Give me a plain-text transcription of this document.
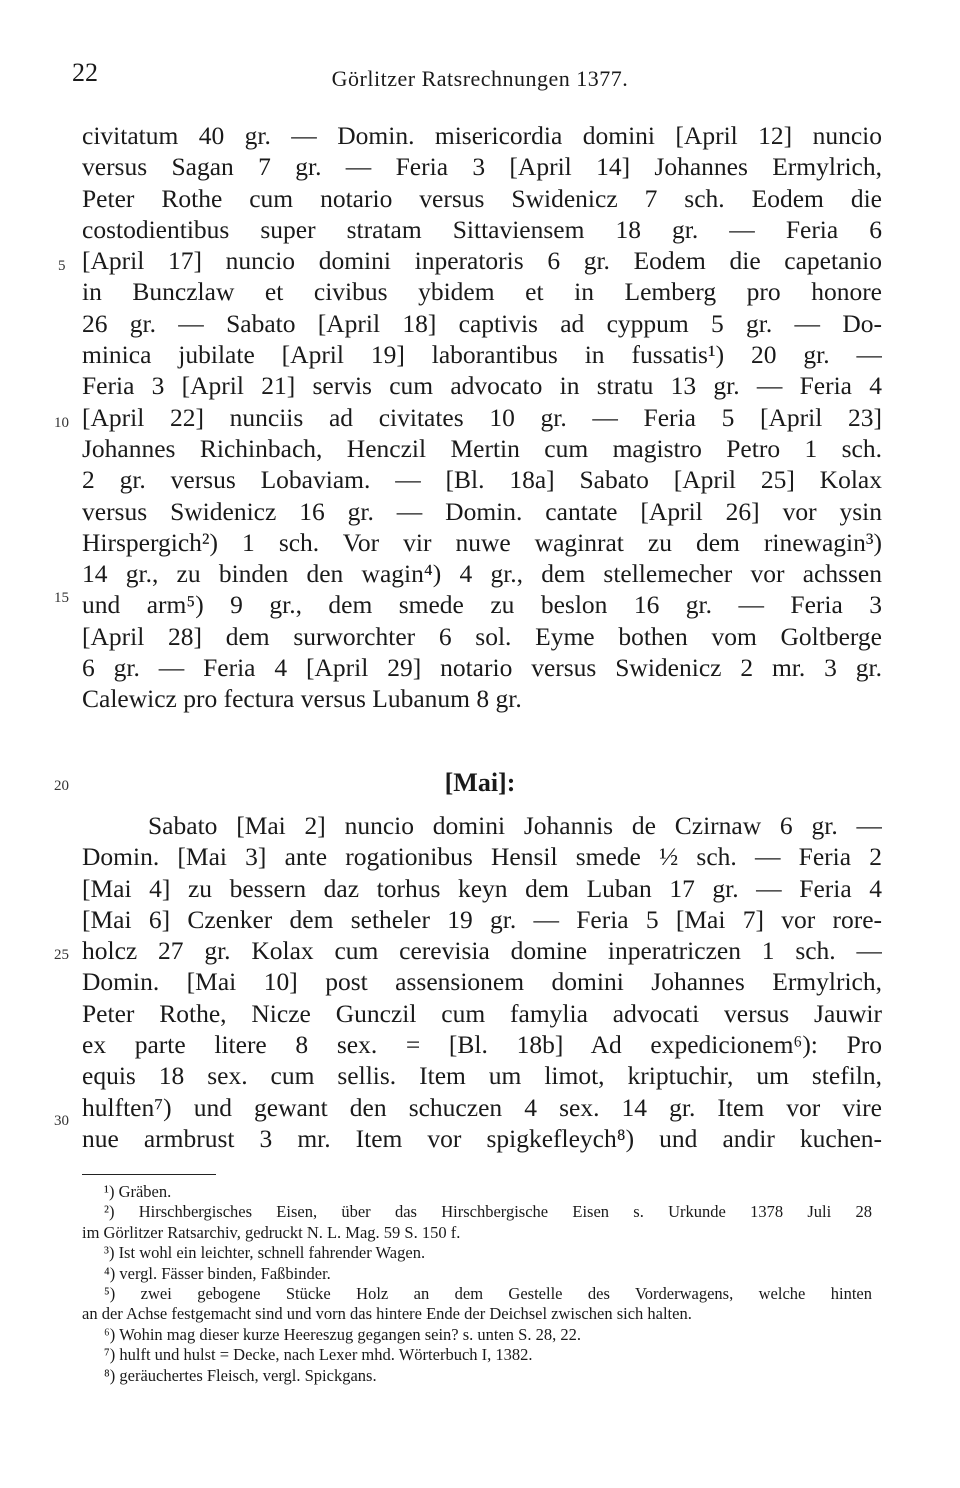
22	Görlitzer Ratsrechnungen 1377.
5
10
15
20
25
30
civitatum 40 gr. — Domin. misericordia domini [April 12] nuncio
versus Sagan 7 gr. — Feria 3 [April 14] Johannes Ermylrich,
Peter Rothe cum notario versus Swidenicz 7 sch. Eodem die
costodientibus super stratam Sittaviensem 18 gr. — Feria 6
[April 17] nuncio domini inperatoris 6 gr. Eodem die capetanio
in Bunczlaw et civibus ybidem et in Lemberg pro honore
26 gr. — Sabato [April 18] captivis ad cyppum 5 gr. — Do-
minica jubilate [April 19] laborantibus in fussatis¹) 20 gr. —
Feria 3 [April 21] servis cum advocato in stratu 13 gr. — Feria 4
[April 22] nunciis ad civitates 10 gr. — Feria 5 [April 23]
Johannes Richinbach, Henczil Mertin cum magistro Petro 1 sch.
2 gr. versus Lobaviam. — [Bl. 18a] Sabato [April 25] Kolax
versus Swidenicz 16 gr. — Domin. cantate [April 26] vor ysin
Hirspergich²) 1 sch. Vor vir nuwe waginrat zu dem rinewagin³)
14 gr., zu binden den wagin⁴) 4 gr., dem stellemecher vor achssen
und arm⁵) 9 gr., dem smede zu beslon 16 gr. — Feria 3
[April 28] dem surworchter 6 sol. Eyme bothen vom Goltberge
6 gr. — Feria 4 [April 29] notario versus Swidenicz 2 mr. 3 gr.
Calewicz pro fectura versus Lubanum 8 gr.
[Mai]:
Sabato [Mai 2] nuncio domini Johannis de Czirnaw 6 gr. —
Domin. [Mai 3] ante rogationibus Hensil smede ½ sch. — Feria 2
[Mai 4] zu bessern daz torhus keyn dem Luban 17 gr. — Feria 4
[Mai 6] Czenker dem setheler 19 gr. — Feria 5 [Mai 7] vor rore-
holcz 27 gr. Kolax cum cerevisia domine inperatriczen 1 sch. —
Domin. [Mai 10] post assensionem domini Johannes Ermylrich,
Peter Rothe, Nicze Gunczil cum famylia advocati versus Jauwir
ex parte litere 8 sex. = [Bl. 18b] Ad expedicionem⁶): Pro
equis 18 sex. cum sellis. Item um limot, kriptuchir, um stefiln,
hulften⁷) und gewant den schuczen 4 sex. 14 gr. Item vor vire
nue armbrust 3 mr. Item vor spigkefleych⁸) und andir kuchen-
¹) Gräben.
²) Hirschbergisches Eisen, über das Hirschbergische Eisen s. Urkunde 1378 Juli 28
im Görlitzer Ratsarchiv, gedruckt N. L. Mag. 59 S. 150 f.
³) Ist wohl ein leichter, schnell fahrender Wagen.
⁴) vergl. Fässer binden, Faßbinder.
⁵) zwei gebogene Stücke Holz an dem Gestelle des Vorderwagens, welche hinten
an der Achse festgemacht sind und vorn das hintere Ende der Deichsel zwischen sich halten.
⁶) Wohin mag dieser kurze Heereszug gegangen sein? s. unten S. 28, 22.
⁷) hulft und hulst = Decke, nach Lexer mhd. Wörterbuch I, 1382.
⁸) geräuchertes Fleisch, vergl. Spickgans.
